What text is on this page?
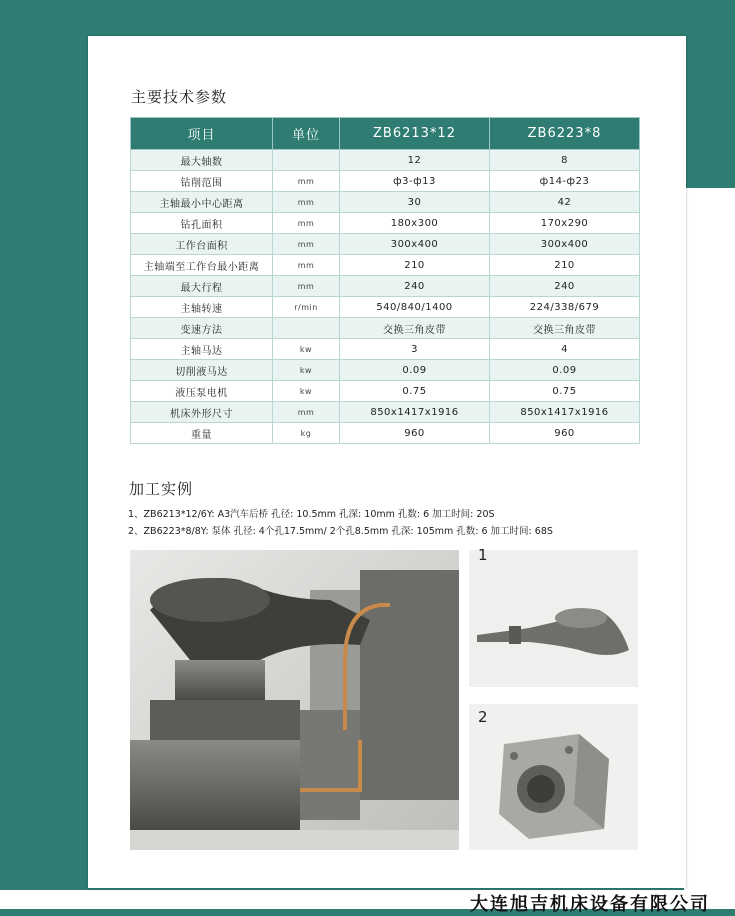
主要技术参数
项目	单位	ZB6213*12	ZB6223*8
最大轴数		12	8
钻削范围	mm	ф3-ф13	ф14-ф23
主轴最小中心距离	mm	30	42
钻孔面积	mm	180x300	170x290
工作台面积	mm	300x400	300x400
主轴端至工作台最小距离	mm	210	210
最大行程	mm	240	240
主轴转速	r/min	540/840/1400	224/338/679
变速方法		交换三角皮带	交换三角皮带
主轴马达	kw	3	4
切削液马达	kw	0.09	0.09
液压泵电机	kw	0.75	0.75
机床外形尺寸	mm	850x1417x1916	850x1417x1916
重量	kg	960	960
加工实例
1、ZB6213*12/6Y: A3汽车后桥 孔径: 10.5mm 孔深: 10mm 孔数: 6 加工时间: 20S
2、ZB6223*8/8Y: 泵体 孔径: 4个孔17.5mm/ 2个孔8.5mm 孔深: 105mm 孔数: 6 加工时间: 68S
1
2
大连旭吉机床设备有限公司
